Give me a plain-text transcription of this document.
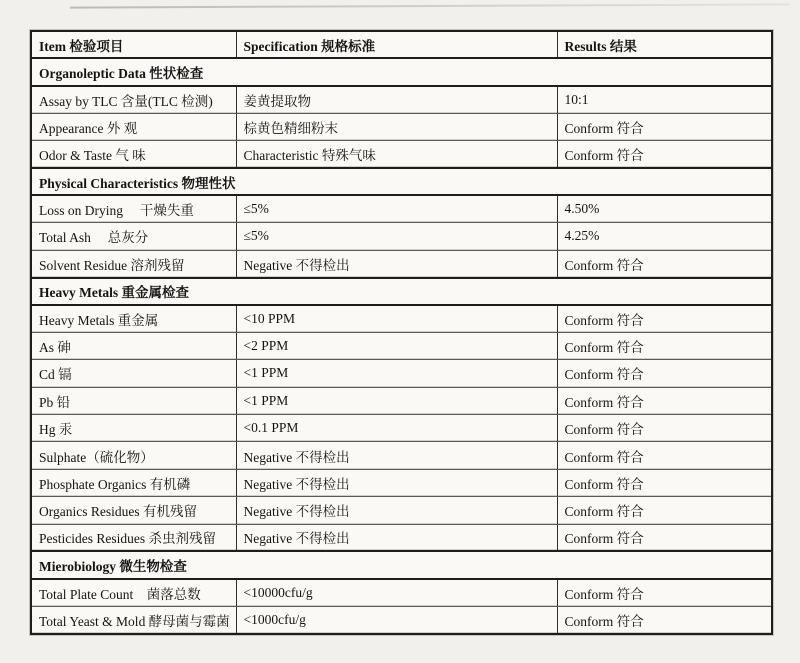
Item 检验项目	Specification 规格标准	Results 结果
Organoleptic Data 性状检查		
Assay by TLC 含量(TLC 检测)	姜黄提取物	10:1
Appearance 外 观	棕黄色精细粉末	Conform 符合
Odor & Taste 气 味	Characteristic 特殊气味	Conform 符合
Physical Characteristics 物理性状		
Loss on Drying     干燥失重	≤5%	4.50%
Total Ash     总灰分	≤5%	4.25%
Solvent Residue 溶剂残留	Negative 不得检出	Conform 符合
Heavy Metals 重金属检查		
Heavy Metals 重金属	<10 PPM	Conform 符合
As 砷	<2 PPM	Conform 符合
Cd 镉	<1 PPM	Conform 符合
Pb 铅	<1 PPM	Conform 符合
Hg 汞	<0.1 PPM	Conform 符合
Sulphate（硫化物）	Negative 不得检出	Conform 符合
Phosphate Organics 有机磷	Negative 不得检出	Conform 符合
Organics Residues 有机残留	Negative 不得检出	Conform 符合
Pesticides Residues 杀虫剂残留	Negative 不得检出	Conform 符合
Mierobiology 微生物检查		
Total Plate Count    菌落总数	<10000cfu/g	Conform 符合
Total Yeast & Mold 酵母菌与霉菌	<1000cfu/g	Conform 符合
